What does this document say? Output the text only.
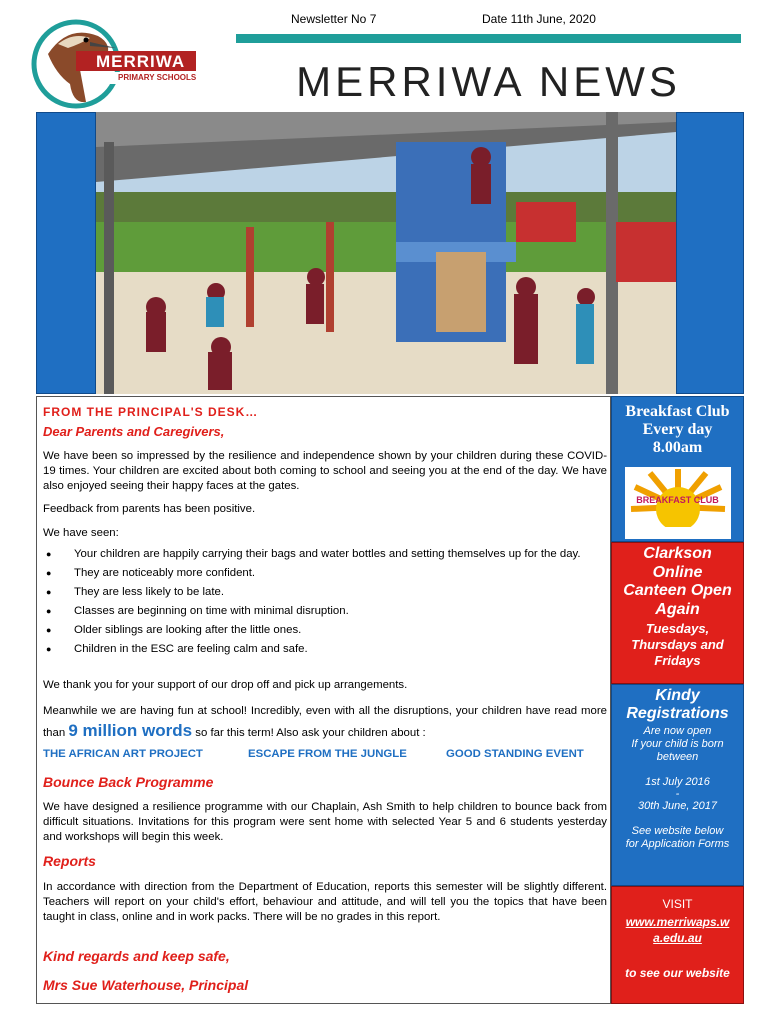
Newsletter No 7	Date 11th June, 2020
MERRIWA NEWS
MERRIWA
PRIMARY SCHOOLS
FROM THE PRINCIPAL'S DESK…
Dear Parents and Caregivers,
We have been so impressed by the resilience and independence shown by your children during these COVID-19 times. Your children are excited about both coming to school and seeing you at the end of the day. We have also enjoyed seeing their happy faces at the gates.
Feedback from parents has been positive.
We have seen:
● Your children are happily carrying their bags and water bottles and setting themselves up for the day.
● They are noticeably more confident.
● They are less likely to be late.
● Classes are beginning on time with minimal disruption.
● Older siblings are looking after the little ones.
● Children in the ESC are feeling calm and safe.
We thank you for your support of our drop off and pick up arrangements.
Meanwhile we are having fun at school! Incredibly, even with all the disruptions, your children have read more than 9 million words so far this term! Also ask your children about :
THE AFRICAN ART PROJECT	ESCAPE FROM THE JUNGLE	GOOD STANDING EVENT
Bounce Back Programme
We have designed a resilience programme with our Chaplain, Ash Smith to help children to bounce back from difficult situations. Invitations for this program were sent home with selected Year 5 and 6 students yesterday and workshops will begin this week.
Reports
In accordance with direction from the Department of Education, reports this semester will be slightly different. Teachers will report on your child's effort, behaviour and attitude, and will tell you the topics that have been taught in class, online and in work packs. There will be no grades in this report.
Kind regards and keep safe,
Mrs Sue Waterhouse, Principal
Breakfast Club
Every day
8.00am
BREAKFAST CLUB
Clarkson Online Canteen Open Again
Tuesdays, Thursdays and Fridays
Kindy Registrations
Are now open
If your child is born between
1st July 2016
-
30th June, 2017
See website below for Application Forms
VISIT
www.merriwaps.wa.edu.au
to see our website
